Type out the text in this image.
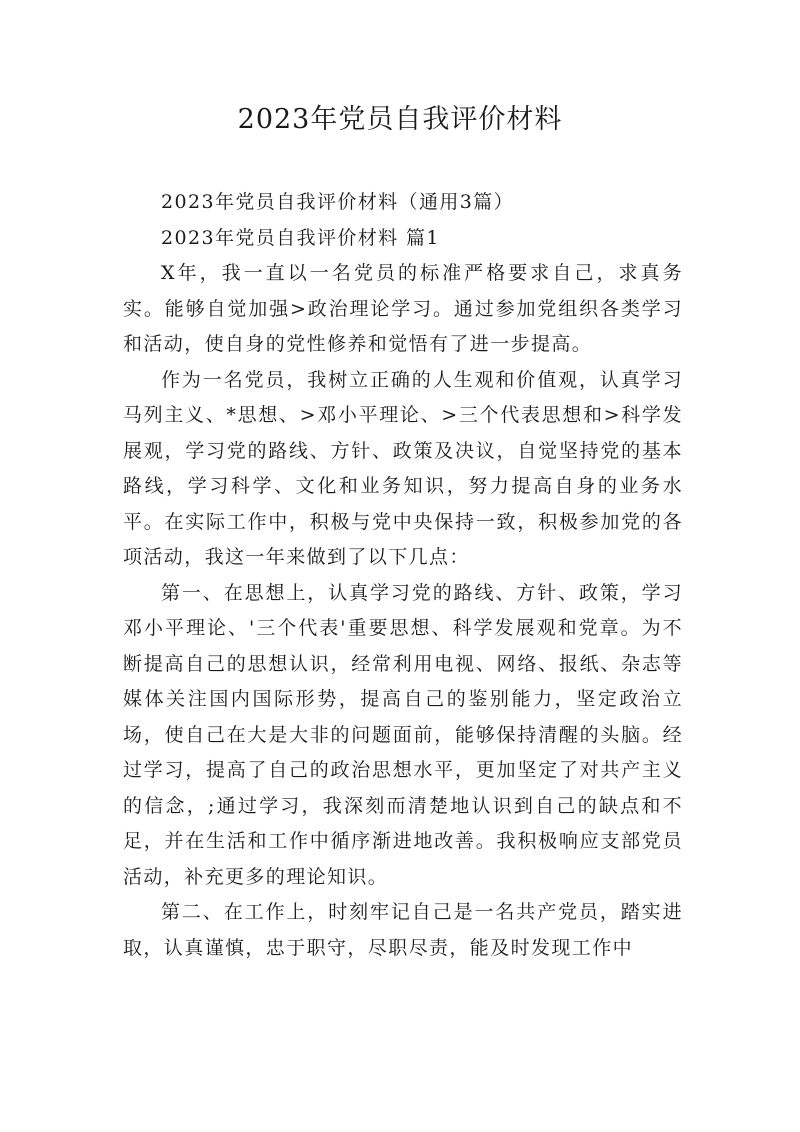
2023年党员自我评价材料

2023年党员自我评价材料（通用3篇）

2023年党员自我评价材料 篇1

X年，我一直以一名党员的标准严格要求自己，求真务实。能够自觉加强>政治理论学习。通过参加党组织各类学习和活动，使自身的党性修养和觉悟有了进一步提高。

作为一名党员，我树立正确的人生观和价值观，认真学习马列主义、*思想、>邓小平理论、>三个代表思想和>科学发展观，学习党的路线、方针、政策及决议，自觉坚持党的基本路线，学习科学、文化和业务知识，努力提高自身的业务水平。在实际工作中，积极与党中央保持一致，积极参加党的各项活动，我这一年来做到了以下几点：

第一、在思想上，认真学习党的路线、方针、政策，学习邓小平理论、'三个代表'重要思想、科学发展观和党章。为不断提高自己的思想认识，经常利用电视、网络、报纸、杂志等媒体关注国内国际形势，提高自己的鉴别能力，坚定政治立场，使自己在大是大非的问题面前，能够保持清醒的头脑。经过学习，提高了自己的政治思想水平，更加坚定了对共产主义的信念，;通过学习，我深刻而清楚地认识到自己的缺点和不足，并在生活和工作中循序渐进地改善。我积极响应支部党员活动，补充更多的理论知识。

第二、在工作上，时刻牢记自己是一名共产党员，踏实进取，认真谨慎，忠于职守，尽职尽责，能及时发现工作中
